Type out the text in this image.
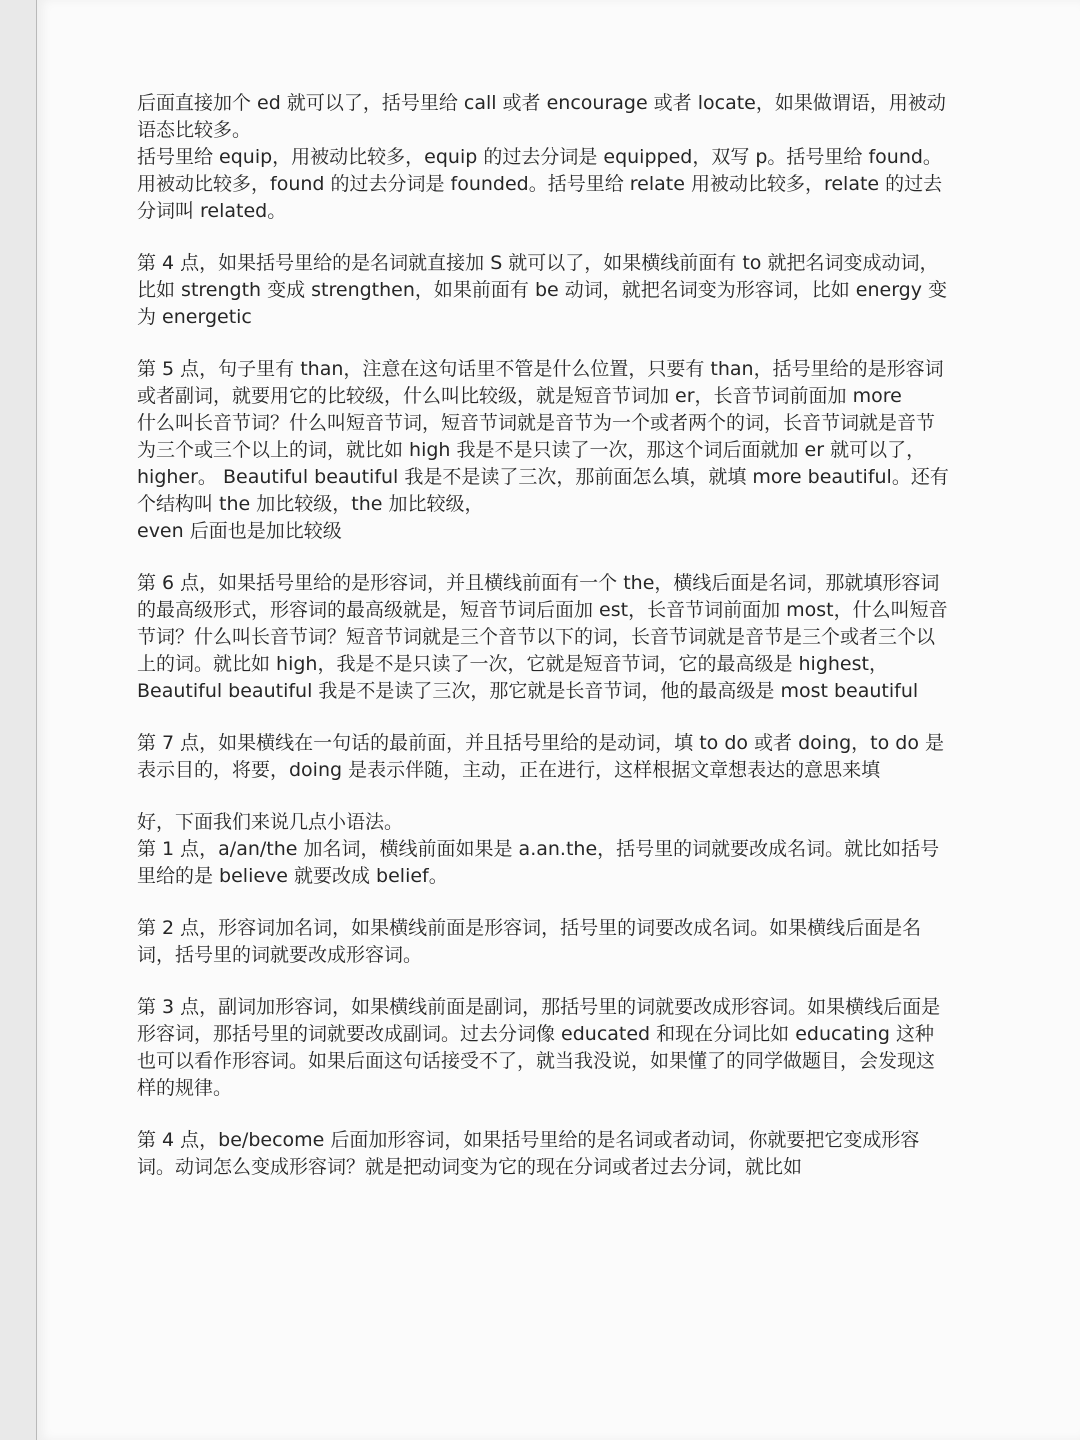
后面直接加个 ed 就可以了，括号里给 call 或者 encourage 或者 locate，如果做谓语，用被动语态比较多。

括号里给 equip，用被动比较多，equip 的过去分词是 equipped，双写 p。括号里给 found。用被动比较多，found 的过去分词是 founded。括号里给 relate 用被动比较多，relate 的过去分词叫 related。

第 4 点，如果括号里给的是名词就直接加 S 就可以了，如果横线前面有 to 就把名词变成动词，比如 strength 变成 strengthen，如果前面有 be 动词，就把名词变为形容词，比如 energy 变为 energetic

第 5 点，句子里有 than，注意在这句话里不管是什么位置，只要有 than，括号里给的是形容词或者副词，就要用它的比较级，什么叫比较级，就是短音节词加 er，长音节词前面加 more

什么叫长音节词？什么叫短音节词，短音节词就是音节为一个或者两个的词，长音节词就是音节为三个或三个以上的词，就比如 high 我是不是只读了一次，那这个词后面就加 er 就可以了，higher。 Beautiful beautiful 我是不是读了三次，那前面怎么填，就填 more beautiful。还有个结构叫 the 加比较级，the 加比较级，
even 后面也是加比较级

第 6 点，如果括号里给的是形容词，并且横线前面有一个 the，横线后面是名词，那就填形容词的最高级形式，形容词的最高级就是，短音节词后面加 est，长音节词前面加 most，什么叫短音节词？什么叫长音节词？短音节词就是三个音节以下的词，长音节词就是音节是三个或者三个以上的词。就比如 high，我是不是只读了一次，它就是短音节词，它的最高级是 highest， Beautiful beautiful 我是不是读了三次，那它就是长音节词，他的最高级是 most beautiful

第 7 点，如果横线在一句话的最前面，并且括号里给的是动词，填 to do 或者 doing，to do 是表示目的，将要，doing 是表示伴随，主动，正在进行，这样根据文章想表达的意思来填

好，下面我们来说几点小语法。
第 1 点，a/an/the 加名词，横线前面如果是 a.an.the，括号里的词就要改成名词。就比如括号里给的是 believe 就要改成 belief。

第 2 点，形容词加名词，如果横线前面是形容词，括号里的词要改成名词。如果横线后面是名词，括号里的词就要改成形容词。

第 3 点，副词加形容词，如果横线前面是副词，那括号里的词就要改成形容词。如果横线后面是形容词，那括号里的词就要改成副词。过去分词像 educated 和现在分词比如 educating 这种也可以看作形容词。如果后面这句话接受不了，就当我没说，如果懂了的同学做题目，会发现这样的规律。

第 4 点，be/become 后面加形容词，如果括号里给的是名词或者动词，你就要把它变成形容词。动词怎么变成形容词？就是把动词变为它的现在分词或者过去分词，就比如
